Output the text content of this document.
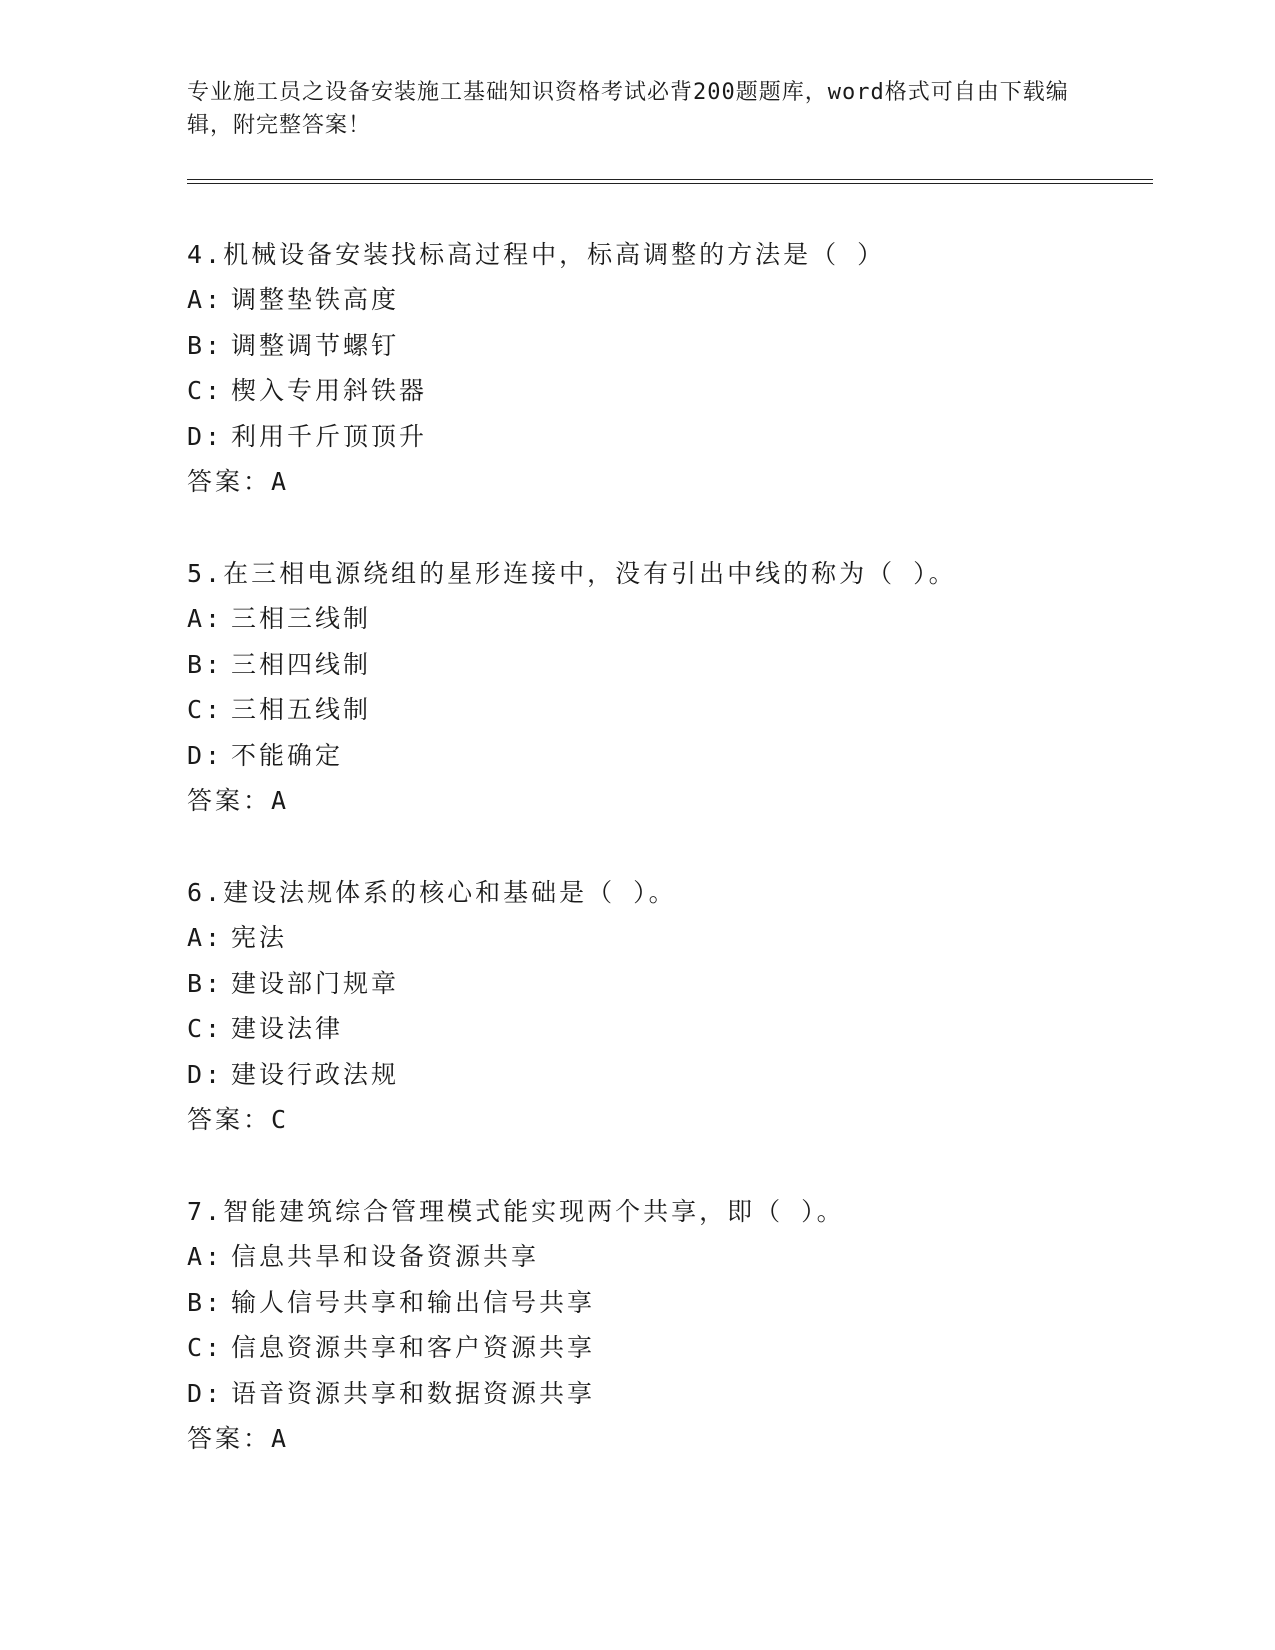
专业施工员之设备安装施工基础知识资格考试必背200题题库，word格式可自由下载编辑，附完整答案！

4.机械设备安装找标高过程中，标高调整的方法是（ ）
A: 调整垫铁高度
B: 调整调节螺钉
C: 楔入专用斜铁器
D: 利用千斤顶顶升
答案：A
5.在三相电源绕组的星形连接中，没有引出中线的称为（ ）。
A: 三相三线制
B: 三相四线制
C: 三相五线制
D: 不能确定
答案：A
6.建设法规体系的核心和基础是（ ）。
A: 宪法
B: 建设部门规章
C: 建设法律
D: 建设行政法规
答案：C
7.智能建筑综合管理模式能实现两个共享，即（ ）。
A: 信息共旱和设备资源共享
B: 输人信号共享和输出信号共享
C: 信息资源共享和客户资源共享
D: 语音资源共享和数据资源共享
答案：A
